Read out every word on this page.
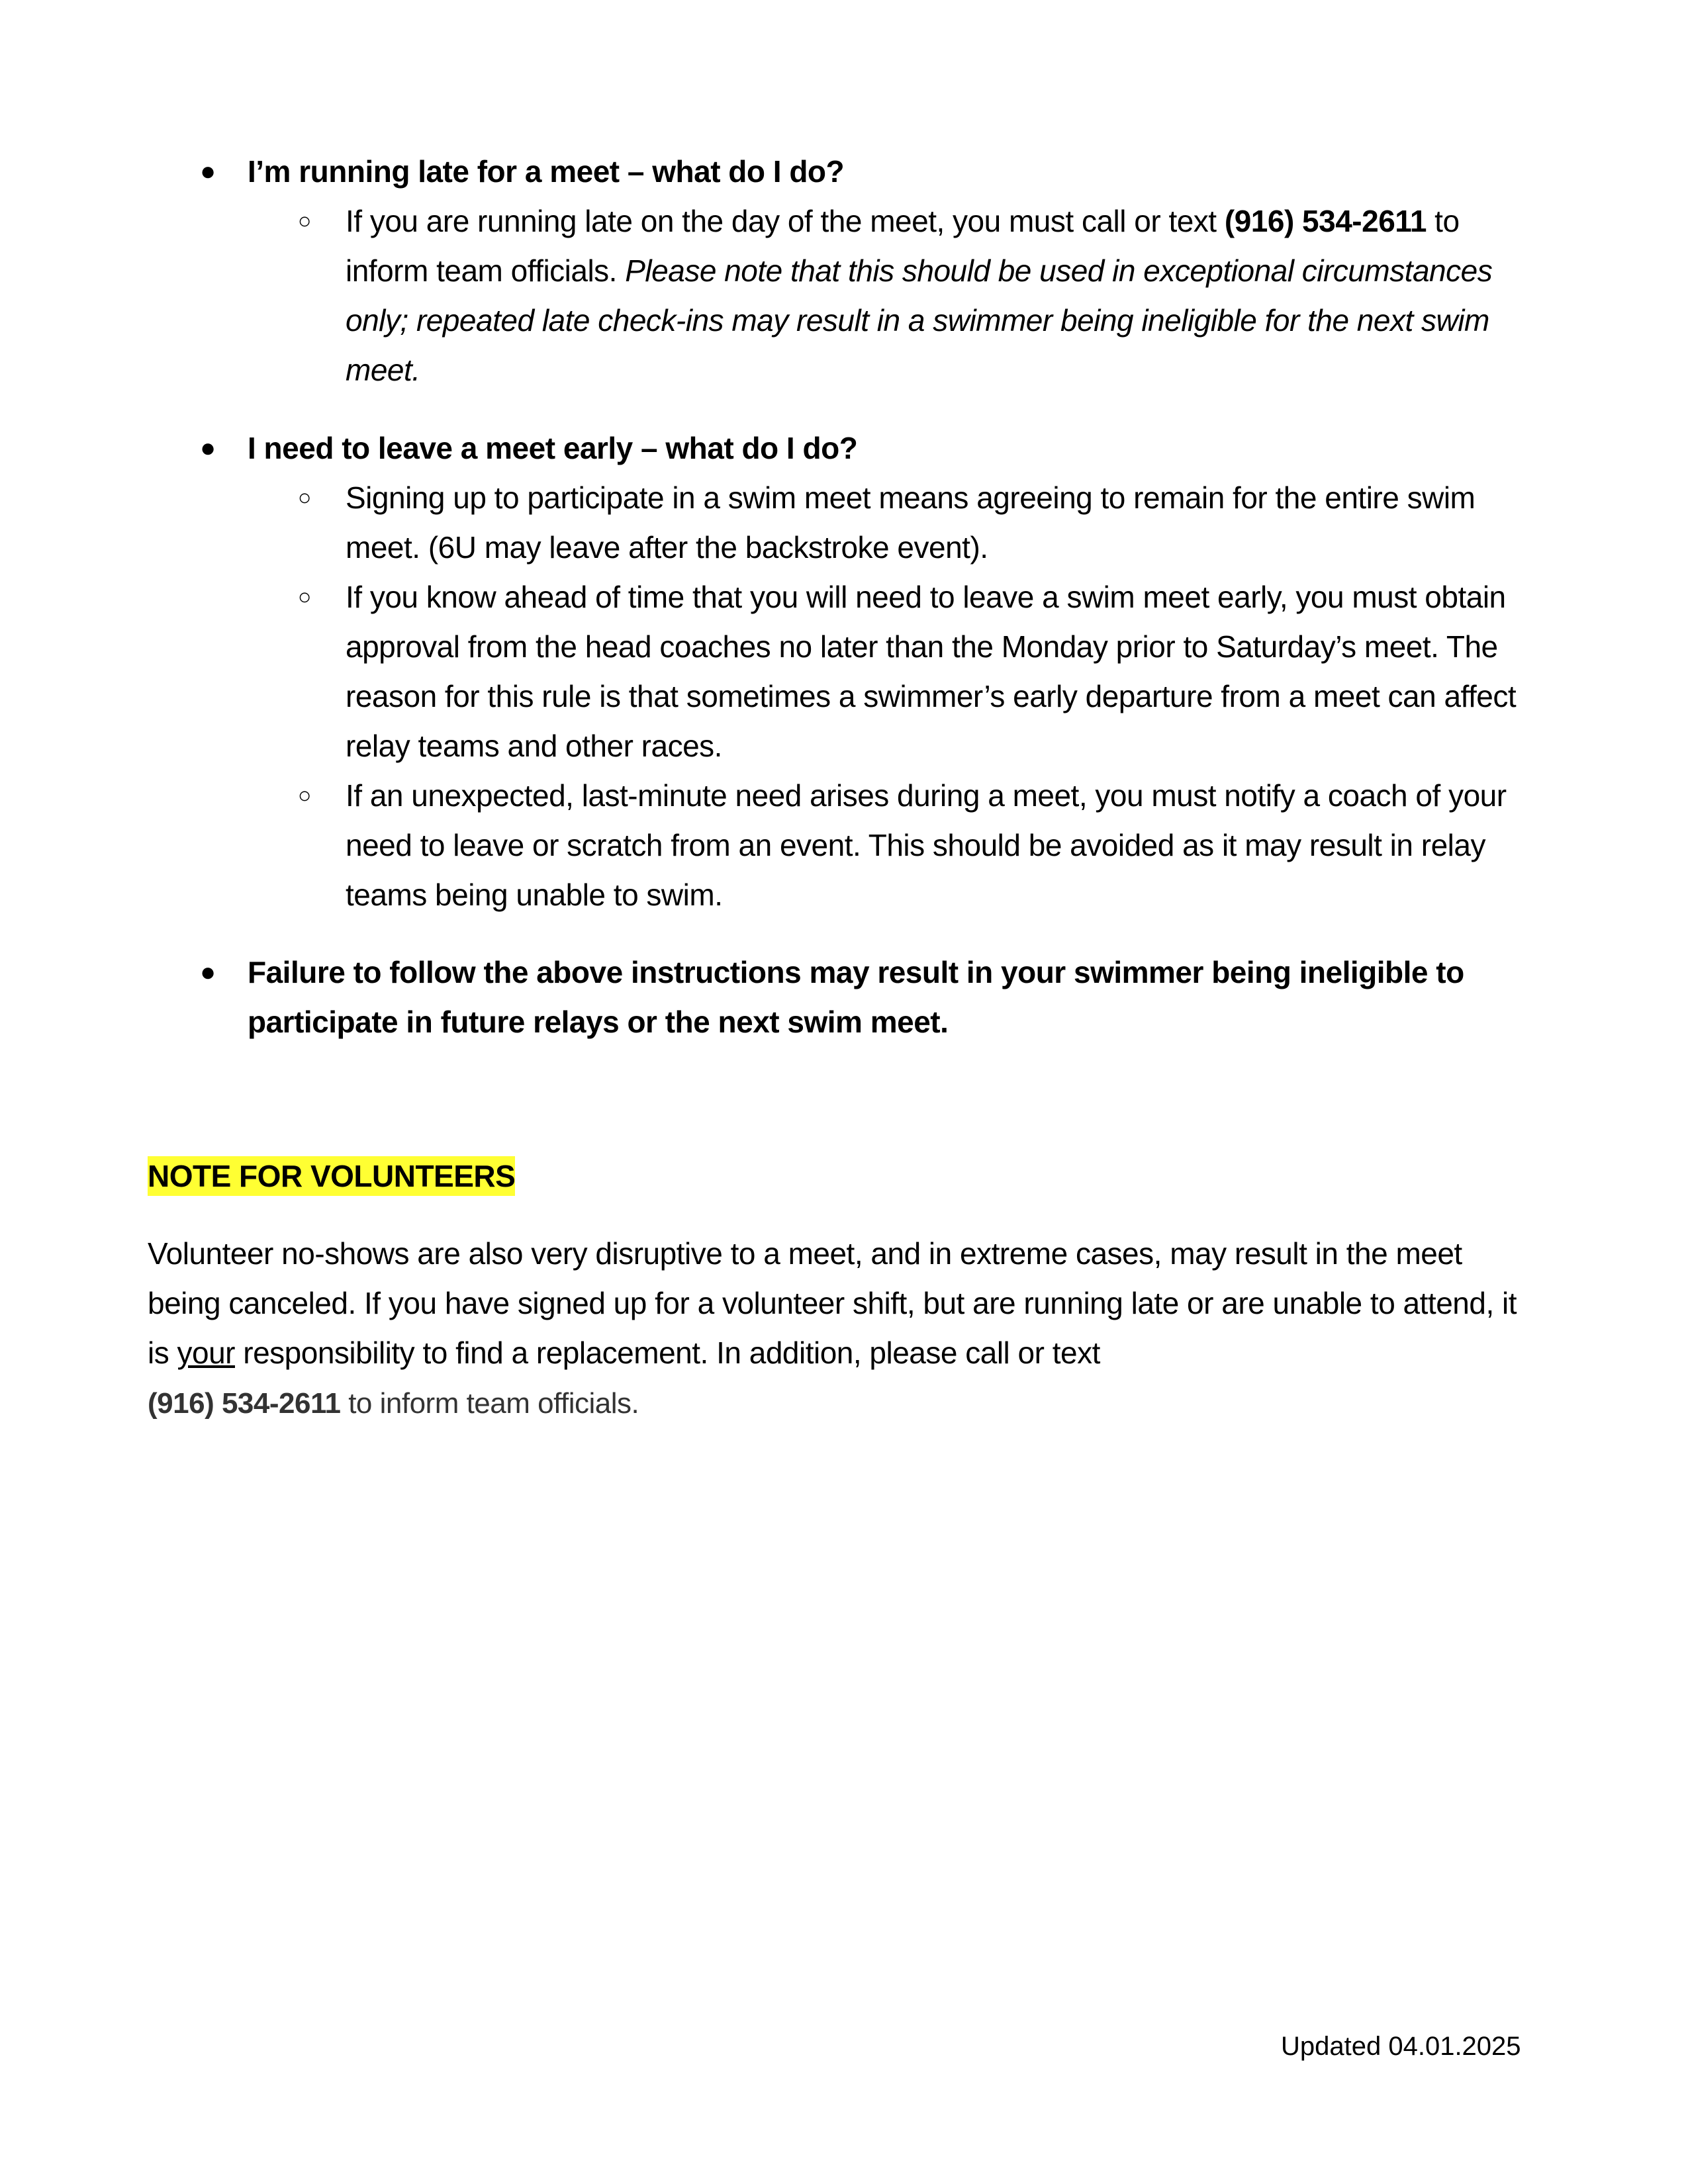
● I’m running late for a meet – what do I do?
○ If you are running late on the day of the meet, you must call or text (916) 534-2611 to inform team officials. Please note that this should be used in exceptional circumstances only; repeated late check-ins may result in a swimmer being ineligible for the next swim meet.
● I need to leave a meet early – what do I do?
○ Signing up to participate in a swim meet means agreeing to remain for the entire swim meet. (6U may leave after the backstroke event).
○ If you know ahead of time that you will need to leave a swim meet early, you must obtain approval from the head coaches no later than the Monday prior to Saturday’s meet. The reason for this rule is that sometimes a swimmer’s early departure from a meet can affect relay teams and other races.
○ If an unexpected, last-minute need arises during a meet, you must notify a coach of your need to leave or scratch from an event. This should be avoided as it may result in relay teams being unable to swim.
● Failure to follow the above instructions may result in your swimmer being ineligible to participate in future relays or the next swim meet.
NOTE FOR VOLUNTEERS
Volunteer no-shows are also very disruptive to a meet, and in extreme cases, may result in the meet being canceled. If you have signed up for a volunteer shift, but are running late or are unable to attend, it is your responsibility to find a replacement. In addition, please call or text
(916) 534-2611 to inform team officials.
Updated 04.01.2025
